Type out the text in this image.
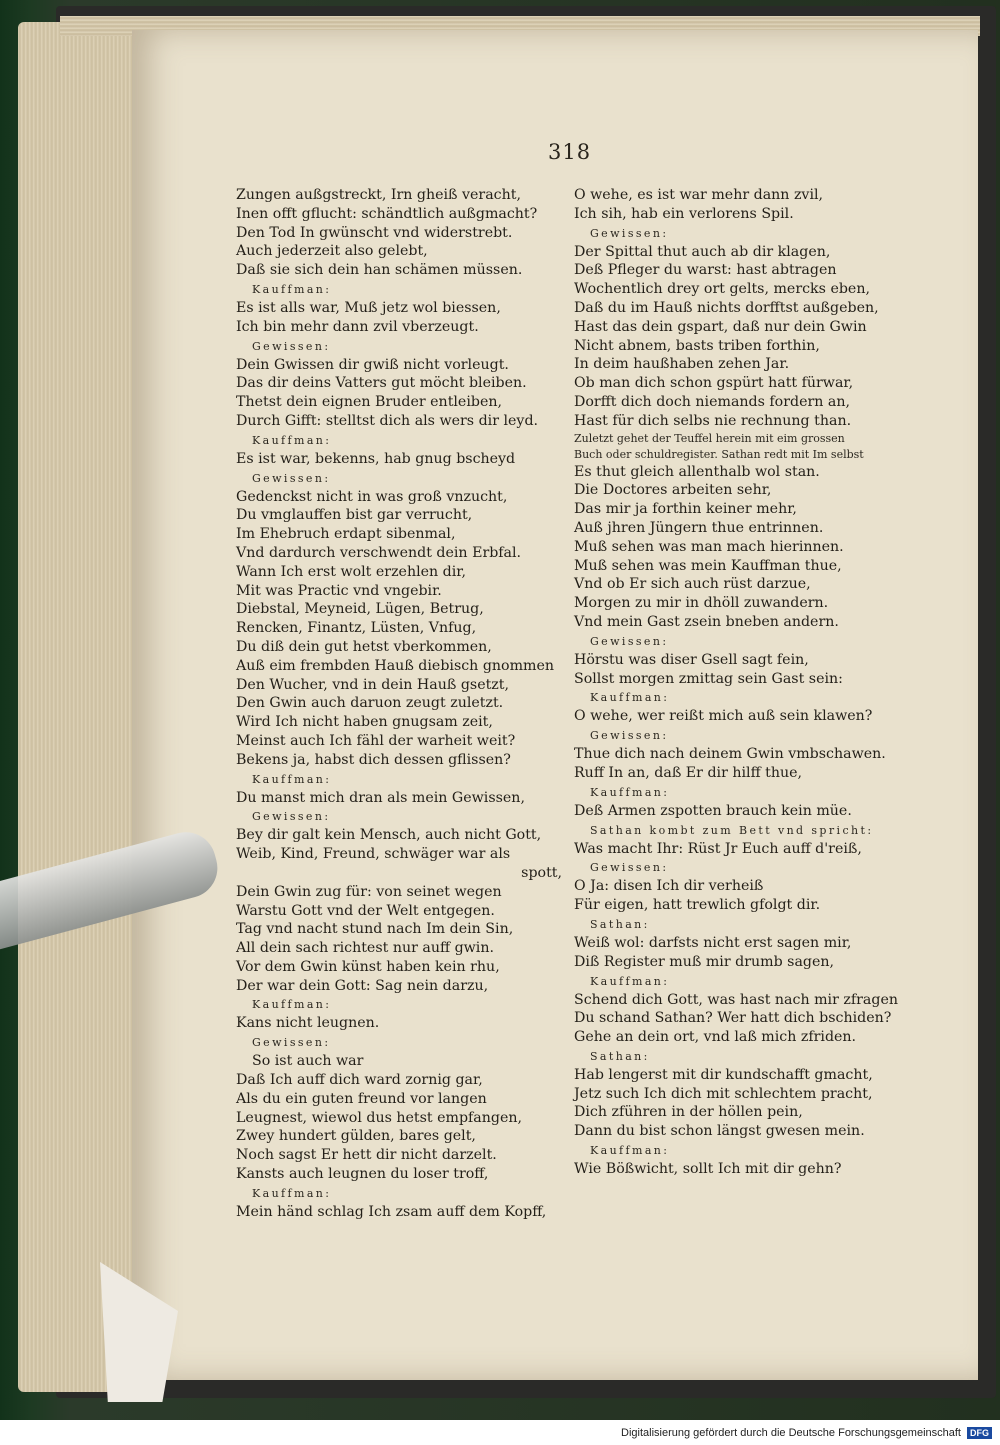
318
Zungen außgstreckt, Irn gheiß veracht,
Inen offt gflucht: schändtlich außgmacht?
Den Tod In gwünscht vnd widerstrebt.
Auch jederzeit also gelebt,
Daß sie sich dein han schämen müssen.
Kauffman:
Es ist alls war, Muß jetz wol biessen,
Ich bin mehr dann zvil vberzeugt.
Gewissen:
Dein Gwissen dir gwiß nicht vorleugt.
Das dir deins Vatters gut möcht bleiben.
Thetst dein eignen Bruder entleiben,
Durch Gifft: stelltst dich als wers dir leyd.
Kauffman:
Es ist war, bekenns, hab gnug bscheyd
Gewissen:
Gedenckst nicht in was groß vnzucht,
Du vmglauffen bist gar verrucht,
Im Ehebruch erdapt sibenmal,
Vnd dardurch verschwendt dein Erbfal.
Wann Ich erst wolt erzehlen dir,
Mit was Practic vnd vngebir.
Diebstal, Meyneid, Lügen, Betrug,
Rencken, Finantz, Lüsten, Vnfug,
Du diß dein gut hetst vberkommen,
Auß eim frembden Hauß diebisch gnommen
Den Wucher, vnd in dein Hauß gsetzt,
Den Gwin auch daruon zeugt zuletzt.
Wird Ich nicht haben gnugsam zeit,
Meinst auch Ich fähl der warheit weit?
Bekens ja, habst dich dessen gflissen?
Kauffman:
Du manst mich dran als mein Gewissen,
Gewissen:
Bey dir galt kein Mensch, auch nicht Gott,
Weib, Kind, Freund, schwäger war als
spott,
Dein Gwin zug für: von seinet wegen
Warstu Gott vnd der Welt entgegen.
Tag vnd nacht stund nach Im dein Sin,
All dein sach richtest nur auff gwin.
Vor dem Gwin künst haben kein rhu,
Der war dein Gott: Sag nein darzu,
Kauffman:
Kans nicht leugnen.
Gewissen:
So ist auch war
Daß Ich auff dich ward zornig gar,
Als du ein guten freund vor langen
Leugnest, wiewol dus hetst empfangen,
Zwey hundert gülden, bares gelt,
Noch sagst Er hett dir nicht darzelt.
Kansts auch leugnen du loser troff,
Kauffman:
Mein händ schlag Ich zsam auff dem Kopff,
O wehe, es ist war mehr dann zvil,
Ich sih, hab ein verlorens Spil.
Gewissen:
Der Spittal thut auch ab dir klagen,
Deß Pfleger du warst: hast abtragen
Wochentlich drey ort gelts, mercks eben,
Daß du im Hauß nichts dorfftst außgeben,
Hast das dein gspart, daß nur dein Gwin
Nicht abnem, basts triben forthin,
In deim haußhaben zehen Jar.
Ob man dich schon gspürt hatt fürwar,
Dorfft dich doch niemands fordern an,
Hast für dich selbs nie rechnung than.
Zuletzt gehet der Teuffel herein mit eim grossen
Buch oder schuldregister. Sathan redt mit Im selbst
Es thut gleich allenthalb wol stan.
Die Doctores arbeiten sehr,
Das mir ja forthin keiner mehr,
Auß jhren Jüngern thue entrinnen.
Muß sehen was man mach hierinnen.
Muß sehen was mein Kauffman thue,
Vnd ob Er sich auch rüst darzue,
Morgen zu mir in dhöll zuwandern.
Vnd mein Gast zsein bneben andern.
Gewissen:
Hörstu was diser Gsell sagt fein,
Sollst morgen zmittag sein Gast sein:
Kauffman:
O wehe, wer reißt mich auß sein klawen?
Gewissen:
Thue dich nach deinem Gwin vmbschawen.
Ruff In an, daß Er dir hilff thue,
Kauffman:
Deß Armen zspotten brauch kein müe.
Sathan kombt zum Bett vnd spricht:
Was macht Ihr: Rüst Jr Euch auff d'reiß,
Gewissen:
O Ja: disen Ich dir verheiß
Für eigen, hatt trewlich gfolgt dir.
Sathan:
Weiß wol: darfsts nicht erst sagen mir,
Diß Register muß mir drumb sagen,
Kauffman:
Schend dich Gott, was hast nach mir zfragen
Du schand Sathan? Wer hatt dich bschiden?
Gehe an dein ort, vnd laß mich zfriden.
Sathan:
Hab lengerst mit dir kundschafft gmacht,
Jetz such Ich dich mit schlechtem pracht,
Dich zführen in der höllen pein,
Dann du bist schon längst gwesen mein.
Kauffman:
Wie Bößwicht, sollt Ich mit dir gehn?
Digitalisierung gefördert durch die Deutsche Forschungsgemeinschaft	DFG
